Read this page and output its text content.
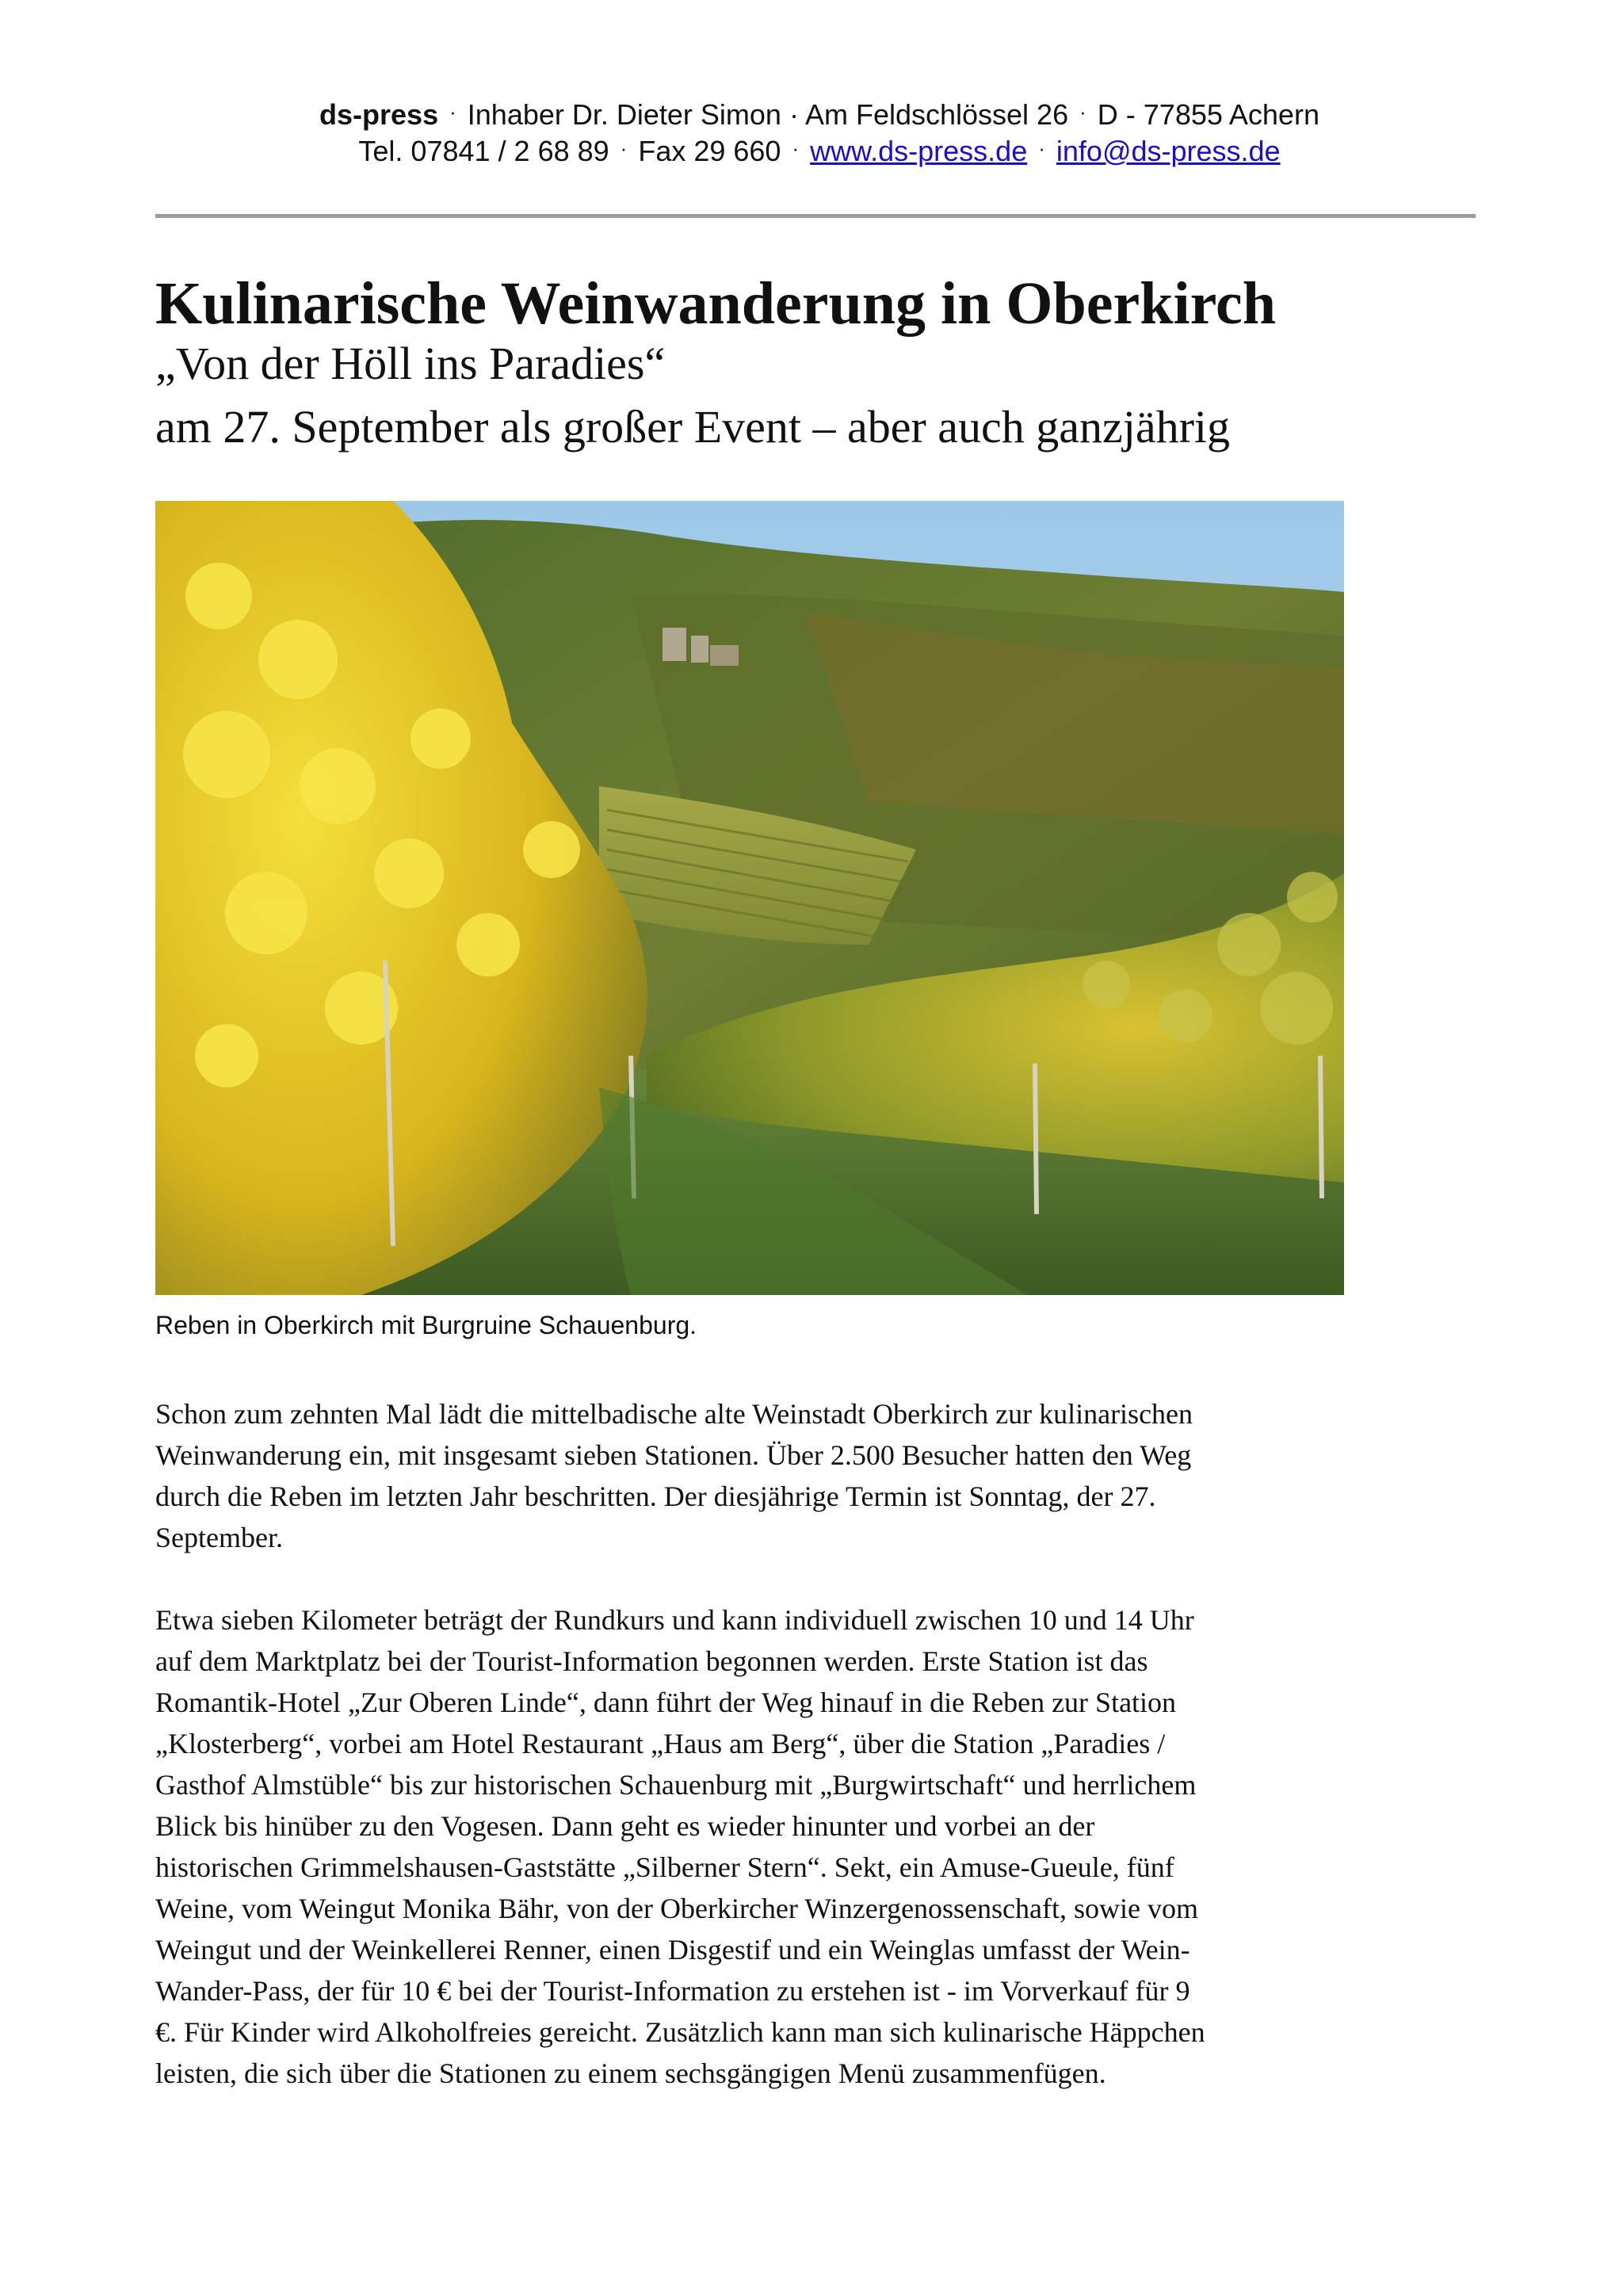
ds-press · Inhaber Dr. Dieter Simon · Am Feldschlössel 26 · D - 77855 Achern
Tel. 07841 / 2 68 89 · Fax 29 660 · www.ds-press.de · info@ds-press.de
Kulinarische Weinwanderung in Oberkirch
„Von der Höll ins Paradies“
am 27. September als großer Event – aber auch ganzjährig

Reben in Oberkirch mit Burgruine Schauenburg.

Schon zum zehnten Mal lädt die mittelbadische alte Weinstadt Oberkirch zur kulinarischen Weinwanderung ein, mit insgesamt sieben Stationen. Über 2.500 Besucher hatten den Weg durch die Reben im letzten Jahr beschritten. Der diesjährige Termin ist Sonntag, der 27. September.

Etwa sieben Kilometer beträgt der Rundkurs und kann individuell zwischen 10 und 14 Uhr auf dem Marktplatz bei der Tourist-Information begonnen werden. Erste Station ist das Romantik-Hotel „Zur Oberen Linde“, dann führt der Weg hinauf in die Reben zur Station „Klosterberg“, vorbei am Hotel Restaurant „Haus am Berg“, über die Station „Paradies / Gasthof Almstüble“ bis zur historischen Schauenburg mit „Burgwirtschaft“ und herrlichem Blick bis hinüber zu den Vogesen. Dann geht es wieder hinunter und vorbei an der historischen Grimmelshausen-Gaststätte „Silberner Stern“. Sekt, ein Amuse-Gueule, fünf Weine, vom Weingut Monika Bähr, von der Oberkircher Winzergenossenschaft, sowie vom Weingut und der Weinkellerei Renner, einen Disgestif und ein Weinglas umfasst der Wein-Wander-Pass, der für 10 € bei der Tourist-Information zu erstehen ist - im Vorverkauf für 9 €. Für Kinder wird Alkoholfreies gereicht. Zusätzlich kann man sich kulinarische Häppchen leisten, die sich über die Stationen zu einem sechsgängigen Menü zusammenfügen.
